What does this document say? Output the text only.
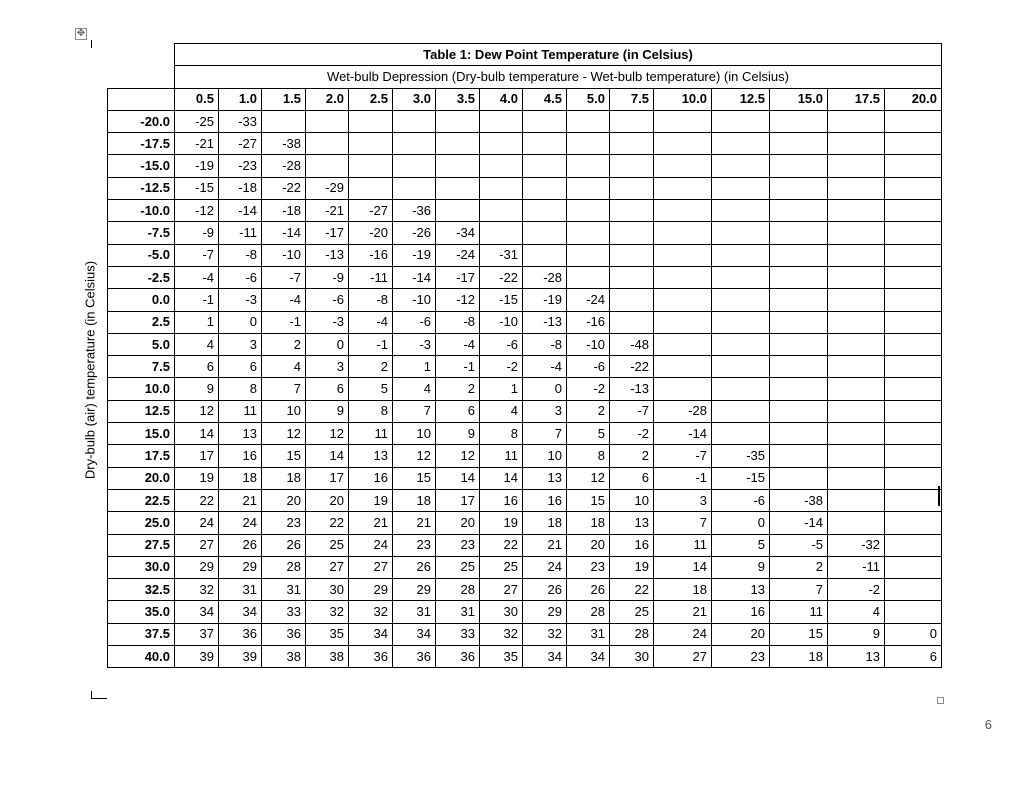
✥
Dry-bulb (air) temperature (in Celsius)
	Table 1: Dew Point Temperature (in Celsius)															
	Wet-bulb Depression (Dry-bulb temperature - Wet-bulb temperature) (in Celsius)															
	0.5	1.0	1.5	2.0	2.5	3.0	3.5	4.0	4.5	5.0	7.5	10.0	12.5	15.0	17.5	20.0
-20.0	-25	-33														
-17.5	-21	-27	-38													
-15.0	-19	-23	-28													
-12.5	-15	-18	-22	-29												
-10.0	-12	-14	-18	-21	-27	-36										
-7.5	-9	-11	-14	-17	-20	-26	-34									
-5.0	-7	-8	-10	-13	-16	-19	-24	-31								
-2.5	-4	-6	-7	-9	-11	-14	-17	-22	-28							
0.0	-1	-3	-4	-6	-8	-10	-12	-15	-19	-24						
2.5	1	0	-1	-3	-4	-6	-8	-10	-13	-16						
5.0	4	3	2	0	-1	-3	-4	-6	-8	-10	-48					
7.5	6	6	4	3	2	1	-1	-2	-4	-6	-22					
10.0	9	8	7	6	5	4	2	1	0	-2	-13					
12.5	12	11	10	9	8	7	6	4	3	2	-7	-28				
15.0	14	13	12	12	11	10	9	8	7	5	-2	-14				
17.5	17	16	15	14	13	12	12	11	10	8	2	-7	-35			
20.0	19	18	18	17	16	15	14	14	13	12	6	-1	-15			
22.5	22	21	20	20	19	18	17	16	16	15	10	3	-6	-38		
25.0	24	24	23	22	21	21	20	19	18	18	13	7	0	-14		
27.5	27	26	26	25	24	23	23	22	21	20	16	11	5	-5	-32	
30.0	29	29	28	27	27	26	25	25	24	23	19	14	9	2	-11	
32.5	32	31	31	30	29	29	28	27	26	26	22	18	13	7	-2	
35.0	34	34	33	32	32	31	31	30	29	28	25	21	16	11	4	
37.5	37	36	36	35	34	34	33	32	32	31	28	24	20	15	9	0
40.0	39	39	38	38	36	36	36	35	34	34	30	27	23	18	13	6
6
